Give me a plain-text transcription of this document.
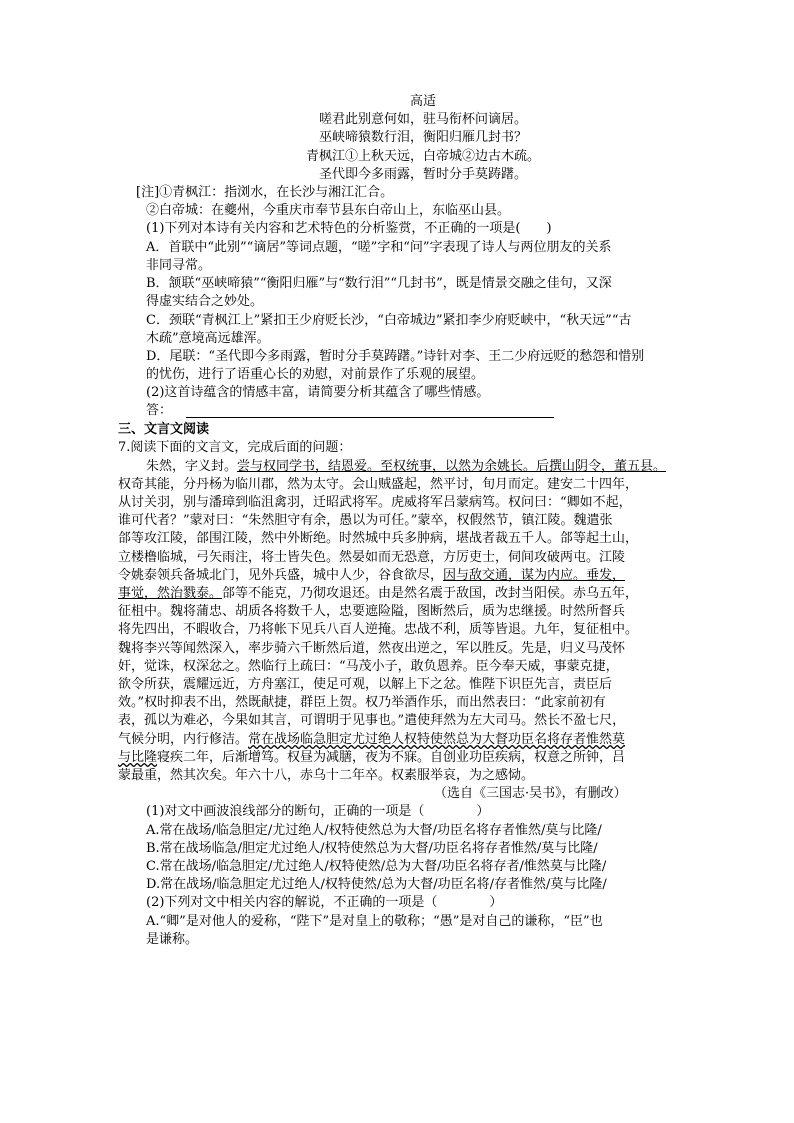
高适
嗟君此别意何如，驻马衔杯问谪居。
巫峡啼猿数行泪，衡阳归雁几封书？
青枫江①上秋天远，白帝城②边古木疏。
圣代即今多雨露，暂时分手莫踌躇。
[注]①青枫江：指浏水，在长沙与湘江汇合。
②白帝城：在夔州，今重庆市奉节县东白帝山上，东临巫山县。
(1)下列对本诗有关内容和艺术特色的分析鉴赏，不正确的一项是(　　)
A．首联中“此别”“谪居”等词点题，“嗟”字和“问”字表现了诗人与两位朋友的关系
非同寻常。
B．颔联“巫峡啼猿”“衡阳归雁”与“数行泪”“几封书”，既是情景交融之佳句，又深
得虚实结合之妙处。
C．颈联“青枫江上”紧扣王少府贬长沙，“白帝城边”紧扣李少府贬峡中，“秋天远”“古
木疏”意境高远雄浑。
D．尾联：“圣代即今多雨露，暂时分手莫踌躇。”诗针对李、王二少府远贬的愁怨和惜别
的忧伤，进行了语重心长的劝慰，对前景作了乐观的展望。
(2)这首诗蕴含的情感丰富，请简要分析其蕴含了哪些情感。
答：
三、文言文阅读
7.阅读下面的文言文，完成后面的问题：
朱然，字义封。尝与权同学书，结恩爱。至权统事，以然为余姚长。后撰山阴令，董五县。
权奇其能，分丹杨为临川郡，然为太守。会山贼盛起，然平讨，旬月而定。建安二十四年，
从讨关羽，别与潘璋到临沮禽羽，迁昭武将军。虎威将军吕蒙病笃。权问曰：“卿如不起，
谁可代者？”蒙对曰：“朱然胆守有余，愚以为可任。”蒙卒，权假然节，镇江陵。魏遣张
郃等攻江陵，郃围江陵，然中外断绝。时然城中兵多肿病，堪战者裁五千人。郃等起土山，
立楼橹临城，弓矢雨注，将士皆失色。然晏如而无恐意，方厉吏士，伺间攻破两屯。江陵
令姚泰领兵备城北门，见外兵盛，城中人少，谷食欲尽，因与敌交通，谋为内应。垂发，
事觉，然治戮泰。郃等不能克，乃彻攻退还。由是然名震于敌国，改封当阳侯。赤乌五年，
征柤中。魏将蒲忠、胡质各将数千人，忠要遮险隘，图断然后，质为忠继援。时然所督兵
将先四出，不暇收合，乃将帐下见兵八百人逆掩。忠战不利，质等皆退。九年，复征柤中。
魏将李兴等闻然深入，率步骑六千断然后道，然夜出逆之，军以胜反。先是，归义马茂怀
奸，觉诛，权深忿之。然临行上疏曰：“马茂小子，敢负恩养。臣今奉天威，事蒙克捷，
欲令所获，震耀远近，方舟塞江，使足可观，以解上下之忿。惟陛下识臣先言，责臣后
效。”权时抑表不出，然既献捷，群臣上贺。权乃举酒作乐，而出然表曰：“此家前初有
表，孤以为难必，今果如其言，可谓明于见事也。”遣使拜然为左大司马。然长不盈七尺，
气候分明，内行修洁。常在战场临急胆定尤过绝人权特使然总为大督功臣名将存者惟然莫
与比隆寝疾二年，后渐增笃。权昼为减膳，夜为不寐。自创业功臣疾病，权意之所钟，吕
蒙最重，然其次矣。年六十八，赤乌十二年卒。权素服举哀，为之感恸。
（选自《三国志·吴书》，有删改）
(1)对文中画波浪线部分的断句，正确的一项是（　　　　）
A.常在战场/临急胆定/尤过绝人/权特使然总为大督/功臣名将存者惟然/莫与比隆/
B.常在战场临急/胆定尤过绝人/权特使然总为大督/功臣名将存者惟然/莫与比隆/
C.常在战场/临急胆定/尤过绝人/权特使然/总为大督/功臣名将存者/惟然莫与比隆/
D.常在战场/临急胆定尤过绝人/权特使然/总为大督/功臣名将/存者惟然/莫与比隆/
(2)下列对文中相关内容的解说，不正确的一项是（　　　　）
A.“卿”是对他人的爱称，“陛下”是对皇上的敬称；“愚”是对自己的谦称，“臣”也
是谦称。
